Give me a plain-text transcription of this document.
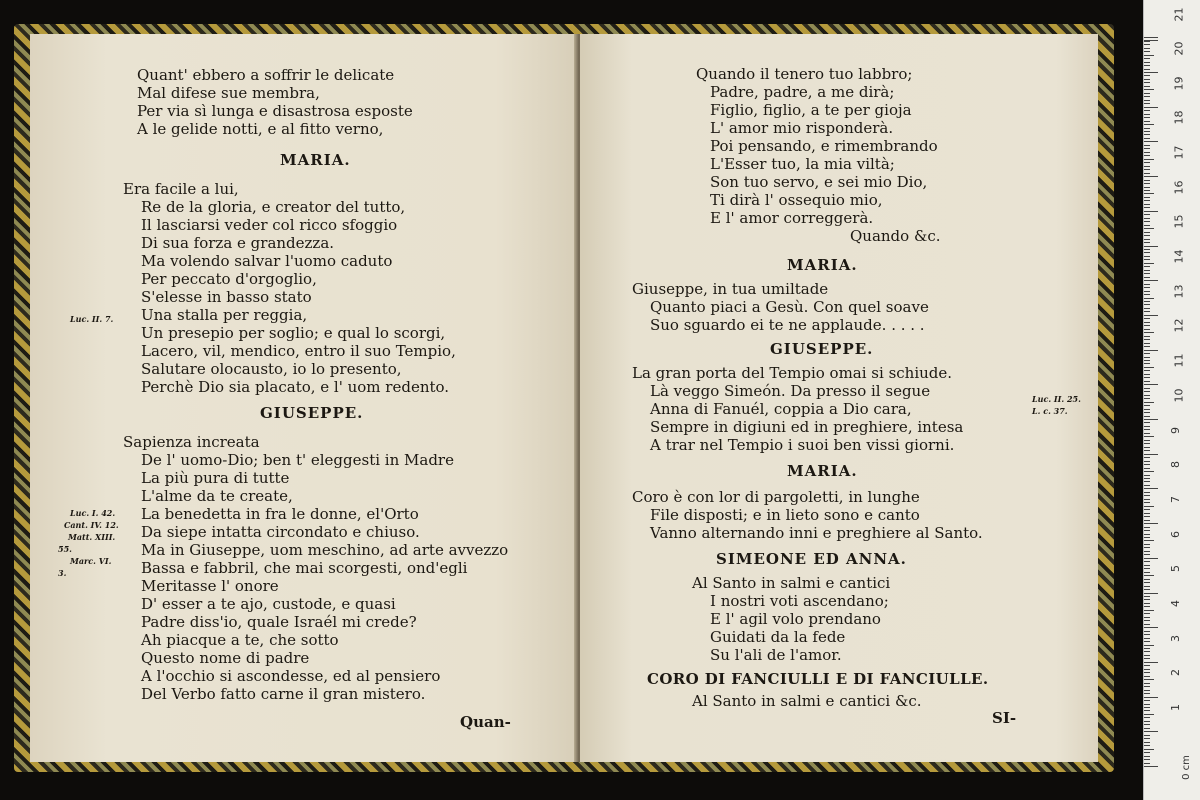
Quant' ebbero a soffrir le delicate
Mal difese sue membra,
Per via sì lunga e disastrosa esposte
A le gelide notti, e al fitto verno,
MARIA.
Era facile a lui,
Re de la gloria, e creator del tutto,
Il lasciarsi veder col ricco sfoggio
Di sua forza e grandezza.
Ma volendo salvar l'uomo caduto
Per peccato d'orgoglio,
S'elesse in basso stato
Una stalla per reggia,
Un presepio per soglio; e qual lo scorgi,
Lacero, vil, mendico, entro il suo Tempio,
Salutare olocausto, io lo presento,
Perchè Dio sia placato, e l' uom redento.
GIUSEPPE.
Sapienza increata
De l' uomo-Dio; ben t' eleggesti in Madre
La più pura di tutte
L'alme da te create,
La benedetta in fra le donne, el'Orto
Da siepe intatta circondato e chiuso.
Ma in Giuseppe, uom meschino, ad arte avvezzo
Bassa e fabbril, che mai scorgesti, ond'egli
Meritasse l' onore
D' esser a te ajo, custode, e quasi
Padre diss'io, quale Israél mi crede?
Ah piacque a te, che sotto
Questo nome di padre
A l'occhio si ascondesse, ed al pensiero
Del Verbo fatto carne il gran mistero.
Luc. II. 7.
Luc. I. 42.
Cant. IV. 12.
Matt. XIII.
55.
Marc. VI.
3.
Quan-
Quando il tenero tuo labbro;
Padre, padre, a me dirà;
Figlio, figlio, a te per gioja
L' amor mio risponderà.
Poi pensando, e rimembrando
L'Esser tuo, la mia viltà;
Son tuo servo, e sei mio Dio,
Ti dirà l' ossequio mio,
E l' amor correggerà.
Quando &c.
MARIA.
Giuseppe, in tua umiltade
Quanto piaci a Gesù. Con quel soave
Suo sguardo ei te ne applaude. . . . .
GIUSEPPE.
La gran porta del Tempio omai si schiude.
Là veggo Simeón. Da presso il segue
Anna di Fanuél, coppia a Dio cara,
Sempre in digiuni ed in preghiere, intesa
A trar nel Tempio i suoi ben vissi giorni.
MARIA.
Coro è con lor di pargoletti, in lunghe
File disposti; e in lieto sono e canto
Vanno alternando inni e preghiere al Santo.
SIMEONE ED ANNA.
Al Santo in salmi e cantici
I nostri voti ascendano;
E l' agil volo prendano
Guidati da la fede
Su l'ali de l'amor.
CORO DI FANCIULLI E DI FANCIULLE.
Al Santo in salmi e cantici &c.
Luc. II. 25.
L. c. 37.
SI-
21
20
19
18
17
16
15
14
13
12
11
10
9
8
7
6
5
4
3
2
1
0 cm
